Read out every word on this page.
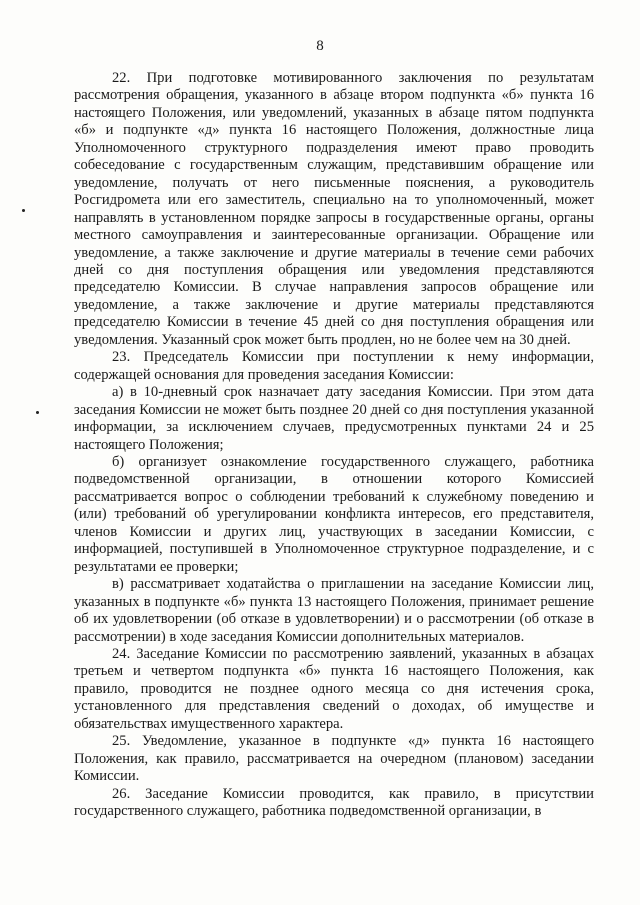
8

22. При подготовке мотивированного заключения по результатам рассмотрения обращения, указанного в абзаце втором подпункта «б» пункта 16 настоящего Положения, или уведомлений, указанных в абзаце пятом подпункта «б» и подпункте «д» пункта 16 настоящего Положения, должностные лица Уполномоченного структурного подразделения имеют право проводить собеседование с государственным служащим, представившим обращение или уведомление, получать от него письменные пояснения, а руководитель Росгидромета или его заместитель, специально на то уполномоченный, может направлять в установленном порядке запросы в государственные органы, органы местного самоуправления и заинтересованные организации. Обращение или уведомление, а также заключение и другие материалы в течение семи рабочих дней со дня поступления обращения или уведомления представляются председателю Комиссии. В случае направления запросов обращение или уведомление, а также заключение и другие материалы представляются председателю Комиссии в течение 45 дней со дня поступления обращения или уведомления. Указанный срок может быть продлен, но не более чем на 30 дней.

23. Председатель Комиссии при поступлении к нему информации, содержащей основания для проведения заседания Комиссии:

а) в 10-дневный срок назначает дату заседания Комиссии. При этом дата заседания Комиссии не может быть позднее 20 дней со дня поступления указанной информации, за исключением случаев, предусмотренных пунктами 24 и 25 настоящего Положения;

б) организует ознакомление государственного служащего, работника подведомственной организации, в отношении которого Комиссией рассматривается вопрос о соблюдении требований к служебному поведению и (или) требований об урегулировании конфликта интересов, его представителя, членов Комиссии и других лиц, участвующих в заседании Комиссии, с информацией, поступившей в Уполномоченное структурное подразделение, и с результатами ее проверки;

в) рассматривает ходатайства о приглашении на заседание Комиссии лиц, указанных в подпункте «б» пункта 13 настоящего Положения, принимает решение об их удовлетворении (об отказе в удовлетворении) и о рассмотрении (об отказе в рассмотрении) в ходе заседания Комиссии дополнительных материалов.

24. Заседание Комиссии по рассмотрению заявлений, указанных в абзацах третьем и четвертом подпункта «б» пункта 16 настоящего Положения, как правило, проводится не позднее одного месяца со дня истечения срока, установленного для представления сведений о доходах, об имуществе и обязательствах имущественного характера.

25. Уведомление, указанное в подпункте «д» пункта 16 настоящего Положения, как правило, рассматривается на очередном (плановом) заседании Комиссии.

26. Заседание Комиссии проводится, как правило, в присутствии государственного служащего, работника подведомственной организации, в
